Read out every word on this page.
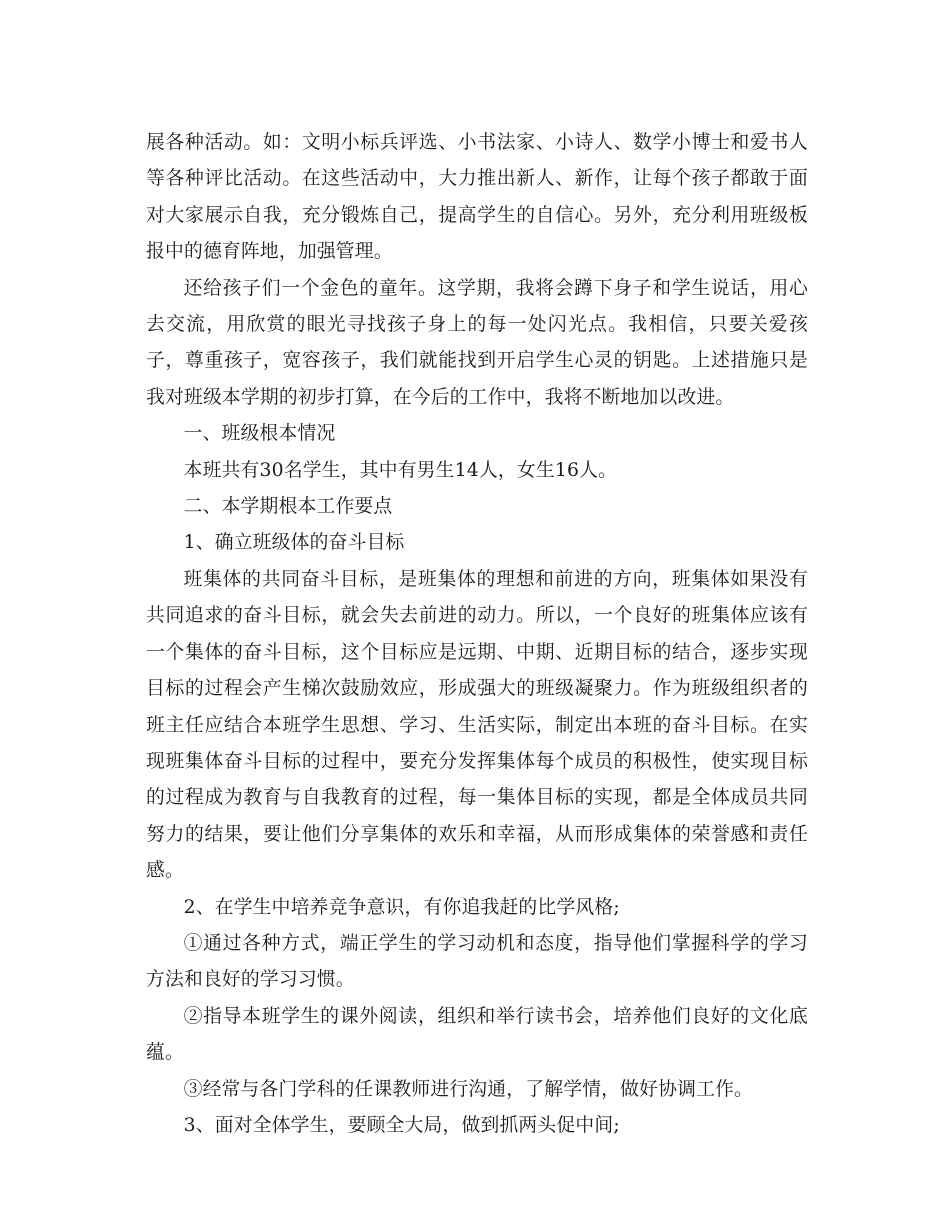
展各种活动。如：文明小标兵评选、小书法家、小诗人、数学小博士和爱书人等各种评比活动。在这些活动中，大力推出新人、新作，让每个孩子都敢于面对大家展示自我，充分锻炼自己，提高学生的自信心。另外，充分利用班级板报中的德育阵地，加强管理。

还给孩子们一个金色的童年。这学期，我将会蹲下身子和学生说话，用心去交流，用欣赏的眼光寻找孩子身上的每一处闪光点。我相信，只要关爱孩子，尊重孩子，宽容孩子，我们就能找到开启学生心灵的钥匙。上述措施只是我对班级本学期的初步打算，在今后的工作中，我将不断地加以改进。

一、班级根本情况

本班共有30名学生，其中有男生14人，女生16人。

二、本学期根本工作要点

1、确立班级体的奋斗目标

班集体的共同奋斗目标，是班集体的理想和前进的方向，班集体如果没有共同追求的奋斗目标，就会失去前进的动力。所以，一个良好的班集体应该有一个集体的奋斗目标，这个目标应是远期、中期、近期目标的结合，逐步实现目标的过程会产生梯次鼓励效应，形成强大的班级凝聚力。作为班级组织者的班主任应结合本班学生思想、学习、生活实际，制定出本班的奋斗目标。在实现班集体奋斗目标的过程中，要充分发挥集体每个成员的积极性，使实现目标的过程成为教育与自我教育的过程，每一集体目标的实现，都是全体成员共同努力的结果，要让他们分享集体的欢乐和幸福，从而形成集体的荣誉感和责任感。

2、在学生中培养竞争意识，有你追我赶的比学风格;

①通过各种方式，端正学生的学习动机和态度，指导他们掌握科学的学习方法和良好的学习习惯。

②指导本班学生的课外阅读，组织和举行读书会，培养他们良好的文化底蕴。

③经常与各门学科的任课教师进行沟通，了解学情，做好协调工作。

3、面对全体学生，要顾全大局，做到抓两头促中间;
